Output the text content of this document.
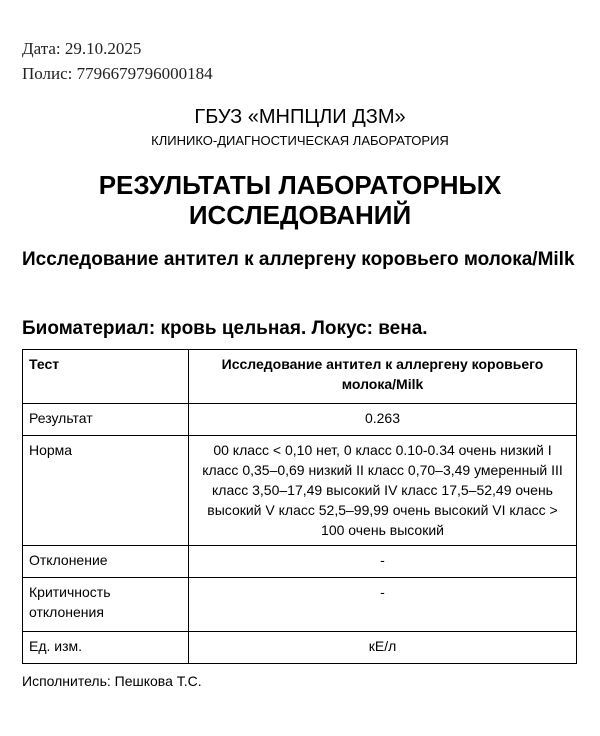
Дата: 29.10.2025
Полис: 7796679796000184
ГБУЗ «МНПЦЛИ ДЗМ»
КЛИНИКО-ДИАГНОСТИЧЕСКАЯ ЛАБОРАТОРИЯ
РЕЗУЛЬТАТЫ ЛАБОРАТОРНЫХ
ИССЛЕДОВАНИЙ
Исследование антител к аллергену коровьего молока/Milk
Биоматериал: кровь цельная. Локус: вена.
Тест	Исследование антител к аллергену коровьего молока/Milk
Результат	0.263
Норма	00 класс < 0,10 нет, 0 класс 0.10-0.34 очень низкий I класс 0,35–0,69 низкий II класс 0,70–3,49 умеренный III класс 3,50–17,49 высокий IV класс 17,5–52,49 очень высокий V класс 52,5–99,99 очень высокий VI класс > 100 очень высокий
Отклонение	-
Критичность отклонения	-
Ед. изм.	кЕ/л
Исполнитель: Пешкова Т.С.
